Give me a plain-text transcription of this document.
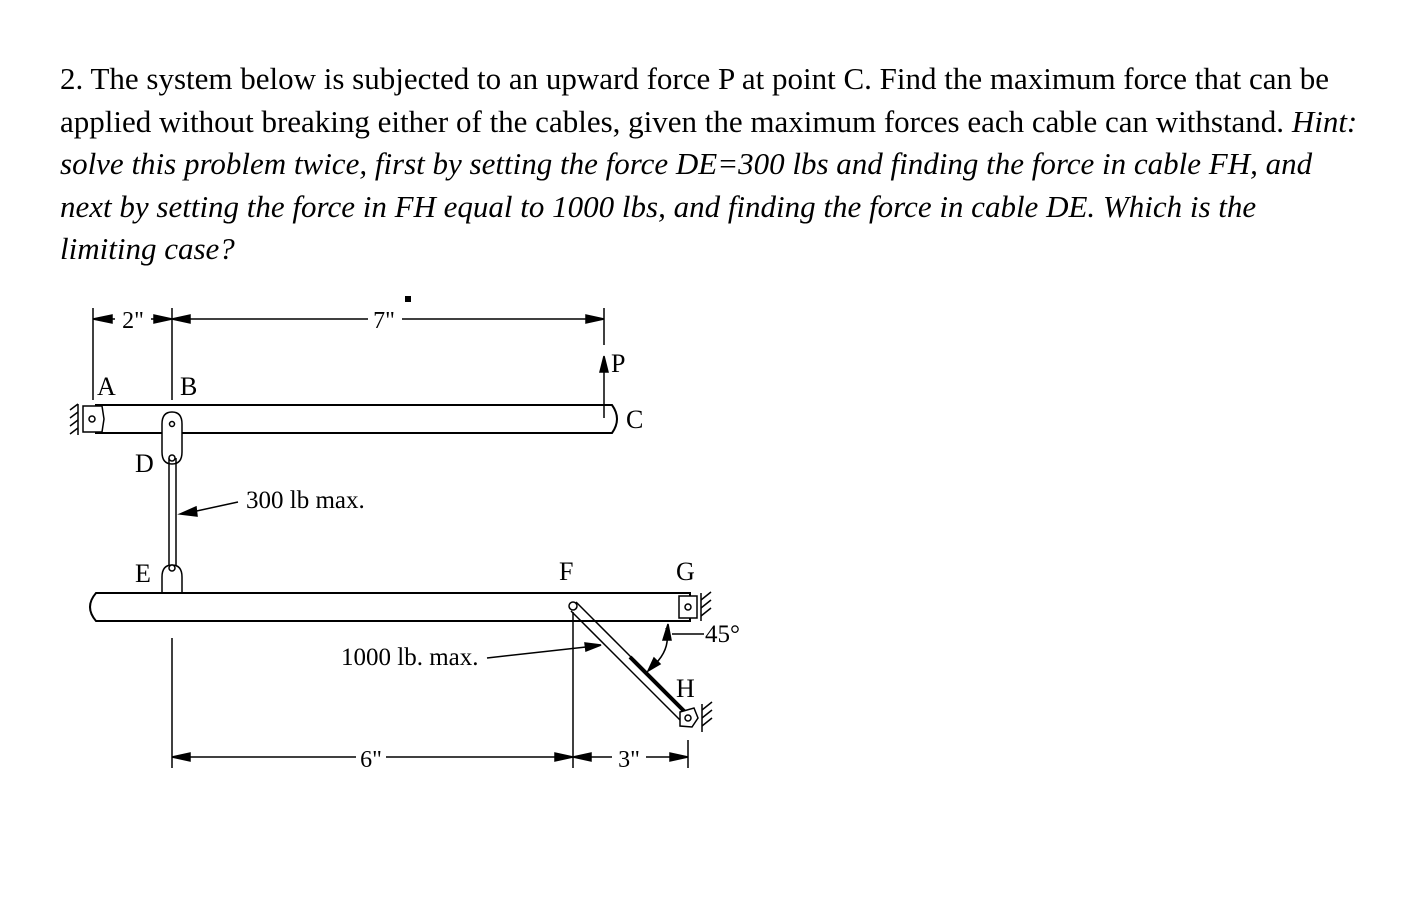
2. The system below is subjected to an upward force P at point C. Find the maximum force that can be applied without breaking either of the cables, given the maximum forces each cable can withstand. Hint: solve this problem twice, first by setting the force DE=300 lbs and finding the force in cable FH, and next by setting the force in FH equal to 1000 lbs, and finding the force in cable DE. Which is the limiting case?
2"	7"
A B
P
C
D
E	F	G
H
300 lb max.
1000 lb. max.
45°
6"	3"
